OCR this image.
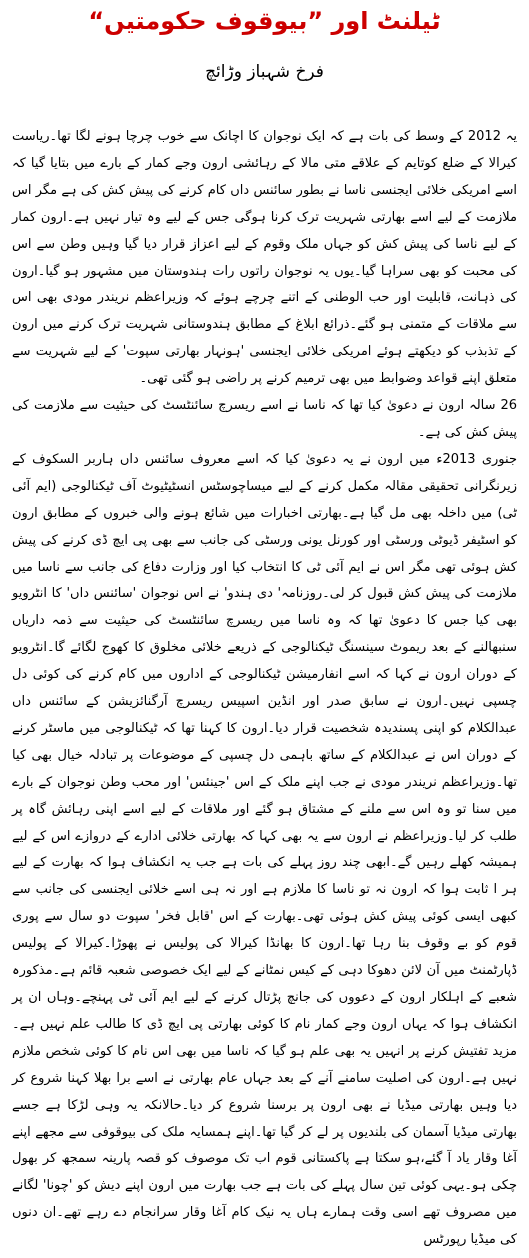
ٹیلنٹ اور ”بیوقوف حکومتیں“
فرخ شہباز وڑائچ

یہ 2012 کے وسط کی بات ہے کہ ایک نوجوان کا اچانک سے خوب چرچا ہونے لگا تھا۔ریاست کیرالا کے ضلع کوتایم کے علاقے متی مالا کے رہائشی ارون وجے کمار کے بارے میں بتایا گیا کہ اسے امریکی خلائی ایجنسی ناسا نے بطور سائنس داں کام کرنے کی پیش کش کی ہے مگر اس ملازمت کے لیے اسے بھارتی شہریت ترک کرنا ہوگی جس کے لیے وہ تیار نہیں ہے۔ارون کمار کے لیے ناسا کی پیش کش کو جہاں ملک وقوم کے لیے اعزاز قرار دیا گیا وہیں وطن سے اس کی محبت کو بھی سراہا گیا۔یوں یہ نوجوان راتوں رات ہندوستان میں مشہور ہو گیا۔ارون کی ذہانت، قابلیت اور حب الوطنی کے اتنے چرچے ہوئے کہ وزیراعظم نریندر مودی بھی اس سے ملاقات کے متمنی ہو گئے۔ذرائع ابلاغ کے مطابق ہندوستانی شہریت ترک کرنے میں ارون کے تذبذب کو دیکھتے ہوئے امریکی خلائی ایجنسی 'ہونہار بھارتی سپوت' کے لیے شہریت سے متعلق اپنے قواعد وضوابط میں بھی ترمیم کرنے پر راضی ہو گئی تھی۔

26 سالہ ارون نے دعویٰ کیا تھا کہ ناسا نے اسے ریسرچ سائنٹسٹ کی حیثیت سے ملازمت کی پیش کش کی ہے۔

جنوری 2013ء میں ارون نے یہ دعویٰ کیا کہ اسے معروف سائنس داں ہاربر السکوف کے زیرنگرانی تحقیقی مقالہ مکمل کرنے کے لیے میساچوسٹس انسٹیٹیوٹ آف ٹیکنالوجی (ایم آئی ٹی) میں داخلہ بھی مل گیا ہے۔بھارتی اخبارات میں شائع ہونے والی خبروں کے مطابق ارون کو اسٹیفر ڈیوٹی ورسٹی اور کورنل یونی ورسٹی کی جانب سے بھی پی ایچ ڈی کرنے کی پیش کش ہوئی تھی مگر اس نے ایم آئی ٹی کا انتخاب کیا اور وزارت دفاع کی جانب سے ناسا میں ملازمت کی پیش کش قبول کر لی۔روزنامہ' دی ہندو' نے اس نوجوان 'سائنس داں' کا انٹرویو بھی کیا جس کا دعویٰ تھا کہ وہ ناسا میں ریسرچ سائنٹسٹ کی حیثیت سے ذمہ داریاں سنبھالنے کے بعد ریموٹ سینسنگ ٹیکنالوجی کے ذریعے خلائی مخلوق کا کھوج لگائے گا۔انٹرویو کے دوران ارون نے کہا کہ اسے انفارمیشن ٹیکنالوجی کے اداروں میں کام کرنے کی کوئی دل چسپی نہیں۔ارون نے سابق صدر اور انڈین اسپیس ریسرچ آرگنائزیشن کے سائنس داں عبدالکلام کو اپنی پسندیدہ شخصیت قرار دیا۔ارون کا کہنا تھا کہ ٹیکنالوجی میں ماسٹر کرنے کے دوران اس نے عبدالکلام کے ساتھ باہمی دل چسپی کے موضوعات پر تبادلہ خیال بھی کیا تھا۔وزیراعظم نریندر مودی نے جب اپنے ملک کے اس 'جینئس' اور محب وطن نوجوان کے بارے میں سنا تو وہ اس سے ملنے کے مشتاق ہو گئے اور ملاقات کے لیے اسے اپنی رہائش گاہ پر طلب کر لیا۔وزیراعظم نے ارون سے یہ بھی کہا کہ بھارتی خلائی ادارے کے دروازے اس کے لیے ہمیشہ کھلے رہیں گے۔ابھی چند روز پہلے کی بات ہے جب یہ انکشاف ہوا کہ بھارت کے لیے ہر ا ثابت ہوا کہ ارون نہ تو ناسا کا ملازم ہے اور نہ ہی اسے خلائی ایجنسی کی جانب سے کبھی ایسی کوئی پیش کش ہوئی تھی۔بھارت کے اس 'قابل فخر' سپوت دو سال سے پوری قوم کو بے وقوف بنا رہا تھا۔ارون کا بھانڈا کیرالا کی پولیس نے پھوڑا۔کیرالا کے پولیس ڈپارٹمنٹ میں آن لائن دھوکا دہی کے کیس نمٹانے کے لیے ایک خصوصی شعبہ قائم ہے۔مذکورہ شعبے کے اہلکار ارون کے دعووں کی جانچ پڑتال کرنے کے لیے ایم آئی ٹی پہنچے۔وہاں ان پر انکشاف ہوا کہ یہاں ارون وجے کمار نام کا کوئی بھارتی پی ایچ ڈی کا طالب علم نہیں ہے۔مزید تفتیش کرنے پر انہیں یہ بھی علم ہو گیا کہ ناسا میں بھی اس نام کا کوئی شخص ملازم نہیں ہے۔ارون کی اصلیت سامنے آنے کے بعد جہاں عام بھارتی نے اسے برا بھلا کہنا شروع کر دیا وہیں بھارتی میڈیا نے بھی ارون پر برسنا شروع کر دیا۔حالانکہ یہ وہی لڑکا ہے جسے بھارتی میڈیا آسمان کی بلندیوں پر لے کر گیا تھا۔اپنے ہمسایہ ملک کی بیوقوفی سے مجھے اپنے آغا وقار یاد آ گئے،ہو سکتا ہے پاکستانی قوم اب تک موصوف کو قصہ پارینہ سمجھ کر بھول چکی ہو۔یہی کوئی تین سال پہلے کی بات ہے جب بھارت میں ارون اپنے دیش کو 'چونا' لگانے میں مصروف تھے اسی وقت ہمارے ہاں یہ نیک کام آغا وقار سرانجام دے رہے تھے۔ان دنوں کی میڈیا رپورٹس
